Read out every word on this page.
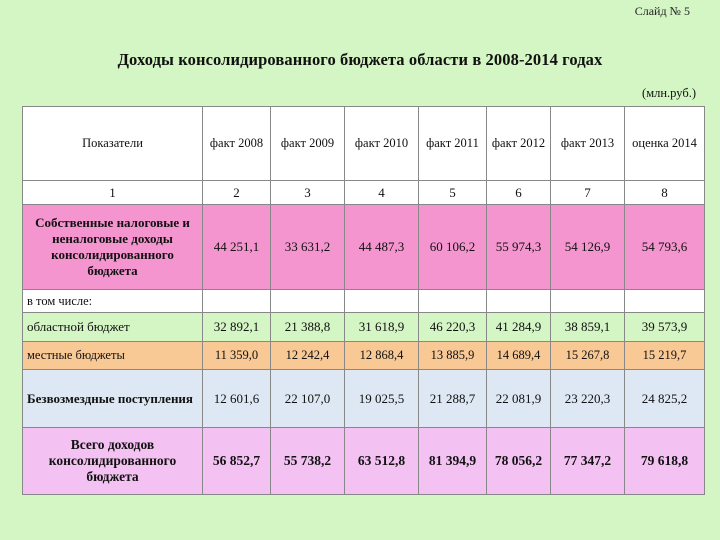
Слайд № 5
Доходы консолидированного бюджета области в 2008-2014 годах
(млн.руб.)
Показатели	факт 2008	факт 2009	факт 2010	факт 2011	факт 2012	факт 2013	оценка 2014
1	2	3	4	5	6	7	8
Собственные налоговые и неналоговые доходы консолидированного бюджета	44 251,1	33 631,2	44 487,3	60 106,2	55 974,3	54 126,9	54 793,6
в том числе:							
областной бюджет	32 892,1	21 388,8	31 618,9	46 220,3	41 284,9	38 859,1	39 573,9
местные бюджеты	11 359,0	12 242,4	12 868,4	13 885,9	14 689,4	15 267,8	15 219,7
Безвозмездные поступления	12 601,6	22 107,0	19 025,5	21 288,7	22 081,9	23 220,3	24 825,2
Всего доходов консолидированного бюджета	56 852,7	55 738,2	63 512,8	81 394,9	78 056,2	77 347,2	79 618,8
